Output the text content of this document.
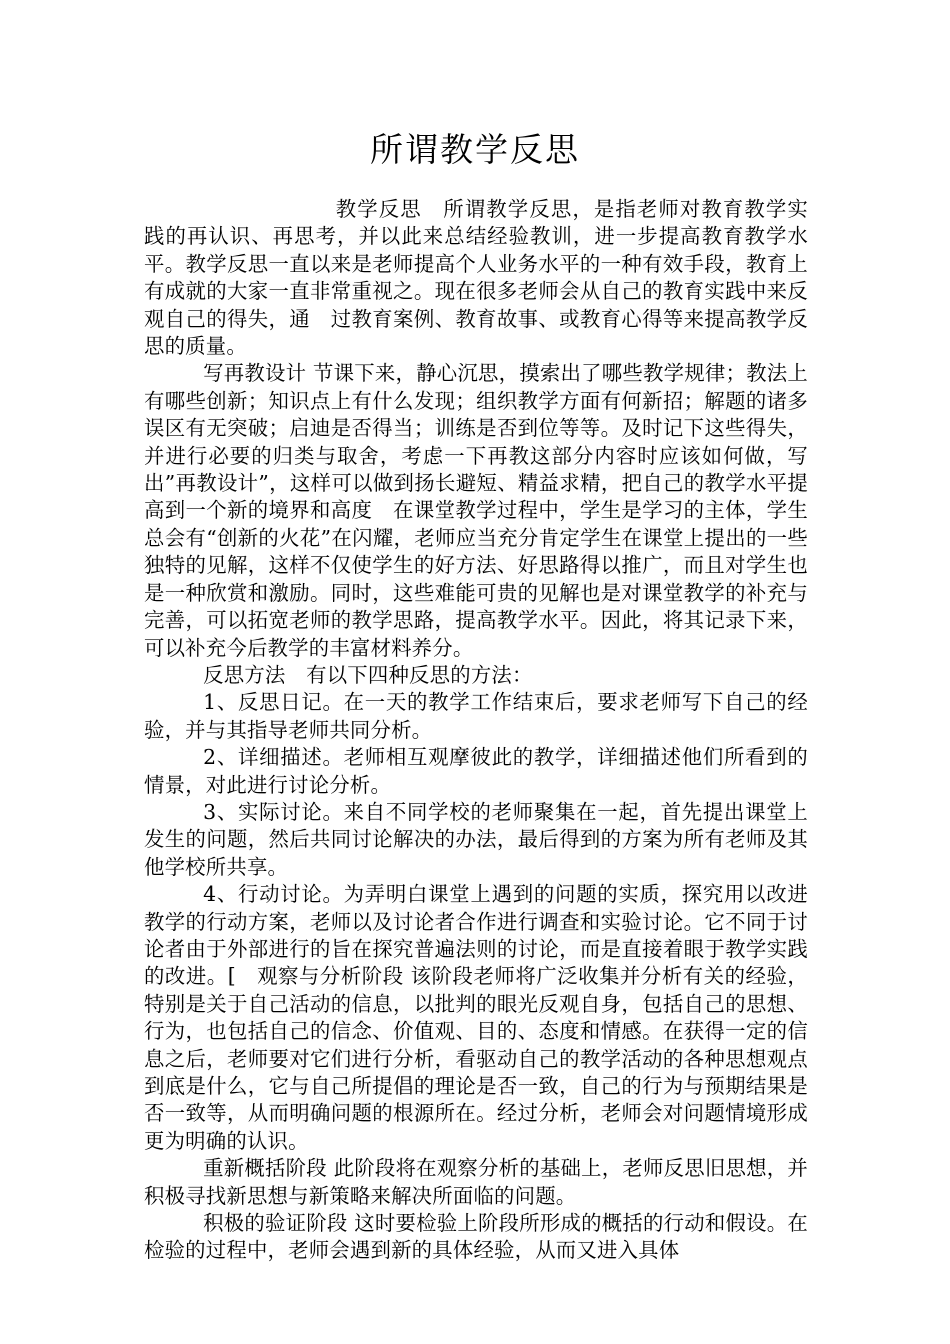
所谓教学反思

教学反思　所谓教学反思，是指老师对教育教学实践的再认识、再思考，并以此来总结经验教训，进一步提高教育教学水平。教学反思一直以来是老师提高个人业务水平的一种有效手段，教育上有成就的大家一直非常重视之。现在很多老师会从自己的教育实践中来反观自己的得失，通　过教育案例、教育故事、或教育心得等来提高教学反思的质量。

写再教设计 节课下来，静心沉思，摸索出了哪些教学规律；教法上有哪些创新；知识点上有什么发现；组织教学方面有何新招；解题的诸多误区有无突破；启迪是否得当；训练是否到位等等。及时记下这些得失，并进行必要的归类与取舍，考虑一下再教这部分内容时应该如何做，写出”再教设计”，这样可以做到扬长避短、精益求精，把自己的教学水平提高到一个新的境界和高度　在课堂教学过程中，学生是学习的主体，学生总会有“创新的火花”在闪耀，老师应当充分肯定学生在课堂上提出的一些独特的见解，这样不仅使学生的好方法、好思路得以推广，而且对学生也是一种欣赏和激励。同时，这些难能可贵的见解也是对课堂教学的补充与完善，可以拓宽老师的教学思路，提高教学水平。因此，将其记录下来，可以补充今后教学的丰富材料养分。

反思方法　有以下四种反思的方法：

1、反思日记。在一天的教学工作结束后，要求老师写下自己的经验，并与其指导老师共同分析。

2、详细描述。老师相互观摩彼此的教学，详细描述他们所看到的情景，对此进行讨论分析。

3、实际讨论。来自不同学校的老师聚集在一起，首先提出课堂上发生的问题，然后共同讨论解决的办法，最后得到的方案为所有老师及其他学校所共享。

4、行动讨论。为弄明白课堂上遇到的问题的实质，探究用以改进教学的行动方案，老师以及讨论者合作进行调查和实验讨论。它不同于讨论者由于外部进行的旨在探究普遍法则的讨论，而是直接着眼于教学实践的改进。[　观察与分析阶段 该阶段老师将广泛收集并分析有关的经验，特别是关于自己活动的信息，以批判的眼光反观自身，包括自己的思想、行为，也包括自己的信念、价值观、目的、态度和情感。在获得一定的信息之后，老师要对它们进行分析，看驱动自己的教学活动的各种思想观点到底是什么，它与自己所提倡的理论是否一致，自己的行为与预期结果是否一致等，从而明确问题的根源所在。经过分析，老师会对问题情境形成更为明确的认识。

重新概括阶段 此阶段将在观察分析的基础上，老师反思旧思想，并积极寻找新思想与新策略来解决所面临的问题。

积极的验证阶段 这时要检验上阶段所形成的概括的行动和假设。在检验的过程中，老师会遇到新的具体经验，从而又进入具体
